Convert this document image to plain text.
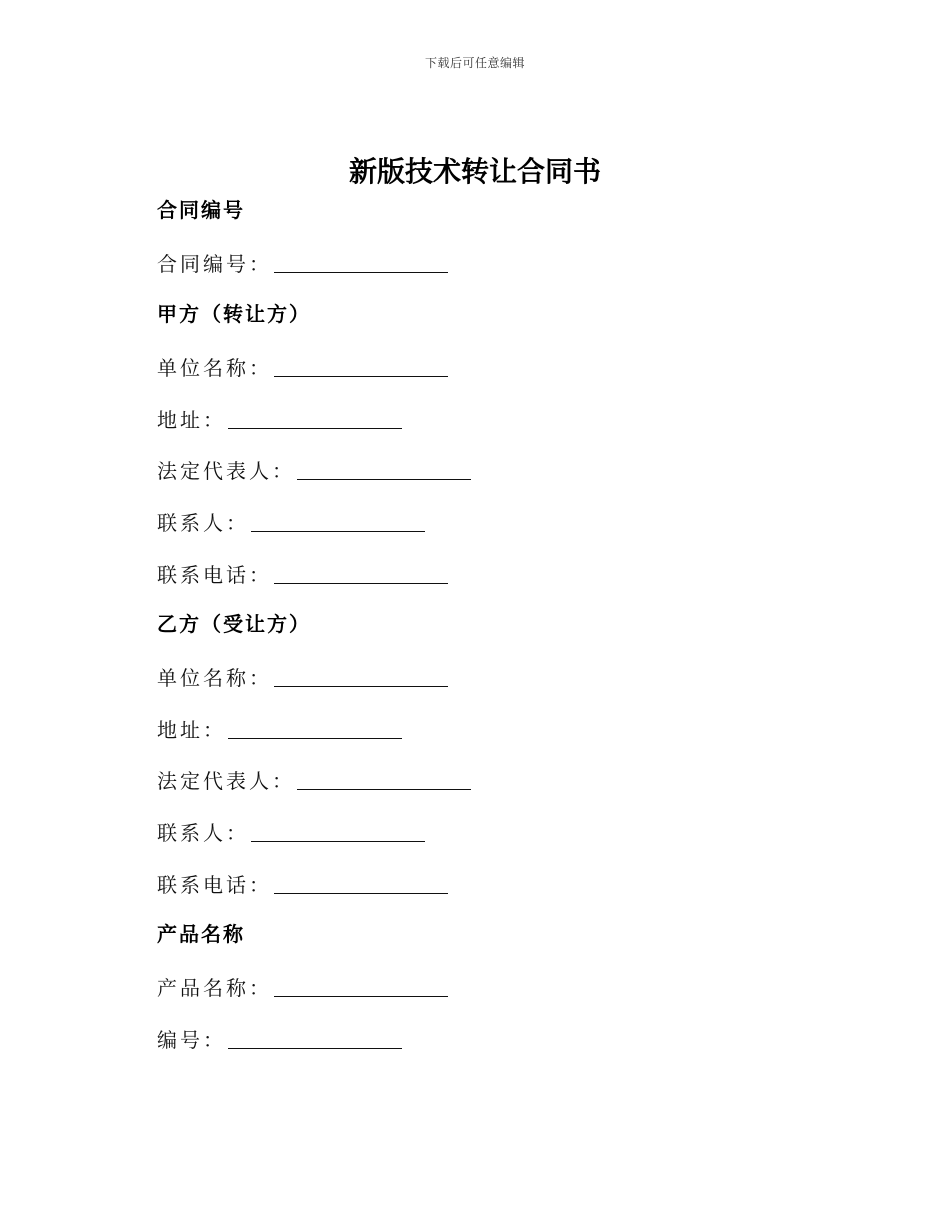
下载后可任意编辑
新版技术转让合同书
合同编号
合同编号：
甲方（转让方）
单位名称：
地址：
法定代表人：
联系人：
联系电话：
乙方（受让方）
单位名称：
地址：
法定代表人：
联系人：
联系电话：
产品名称
产品名称：
编号：
